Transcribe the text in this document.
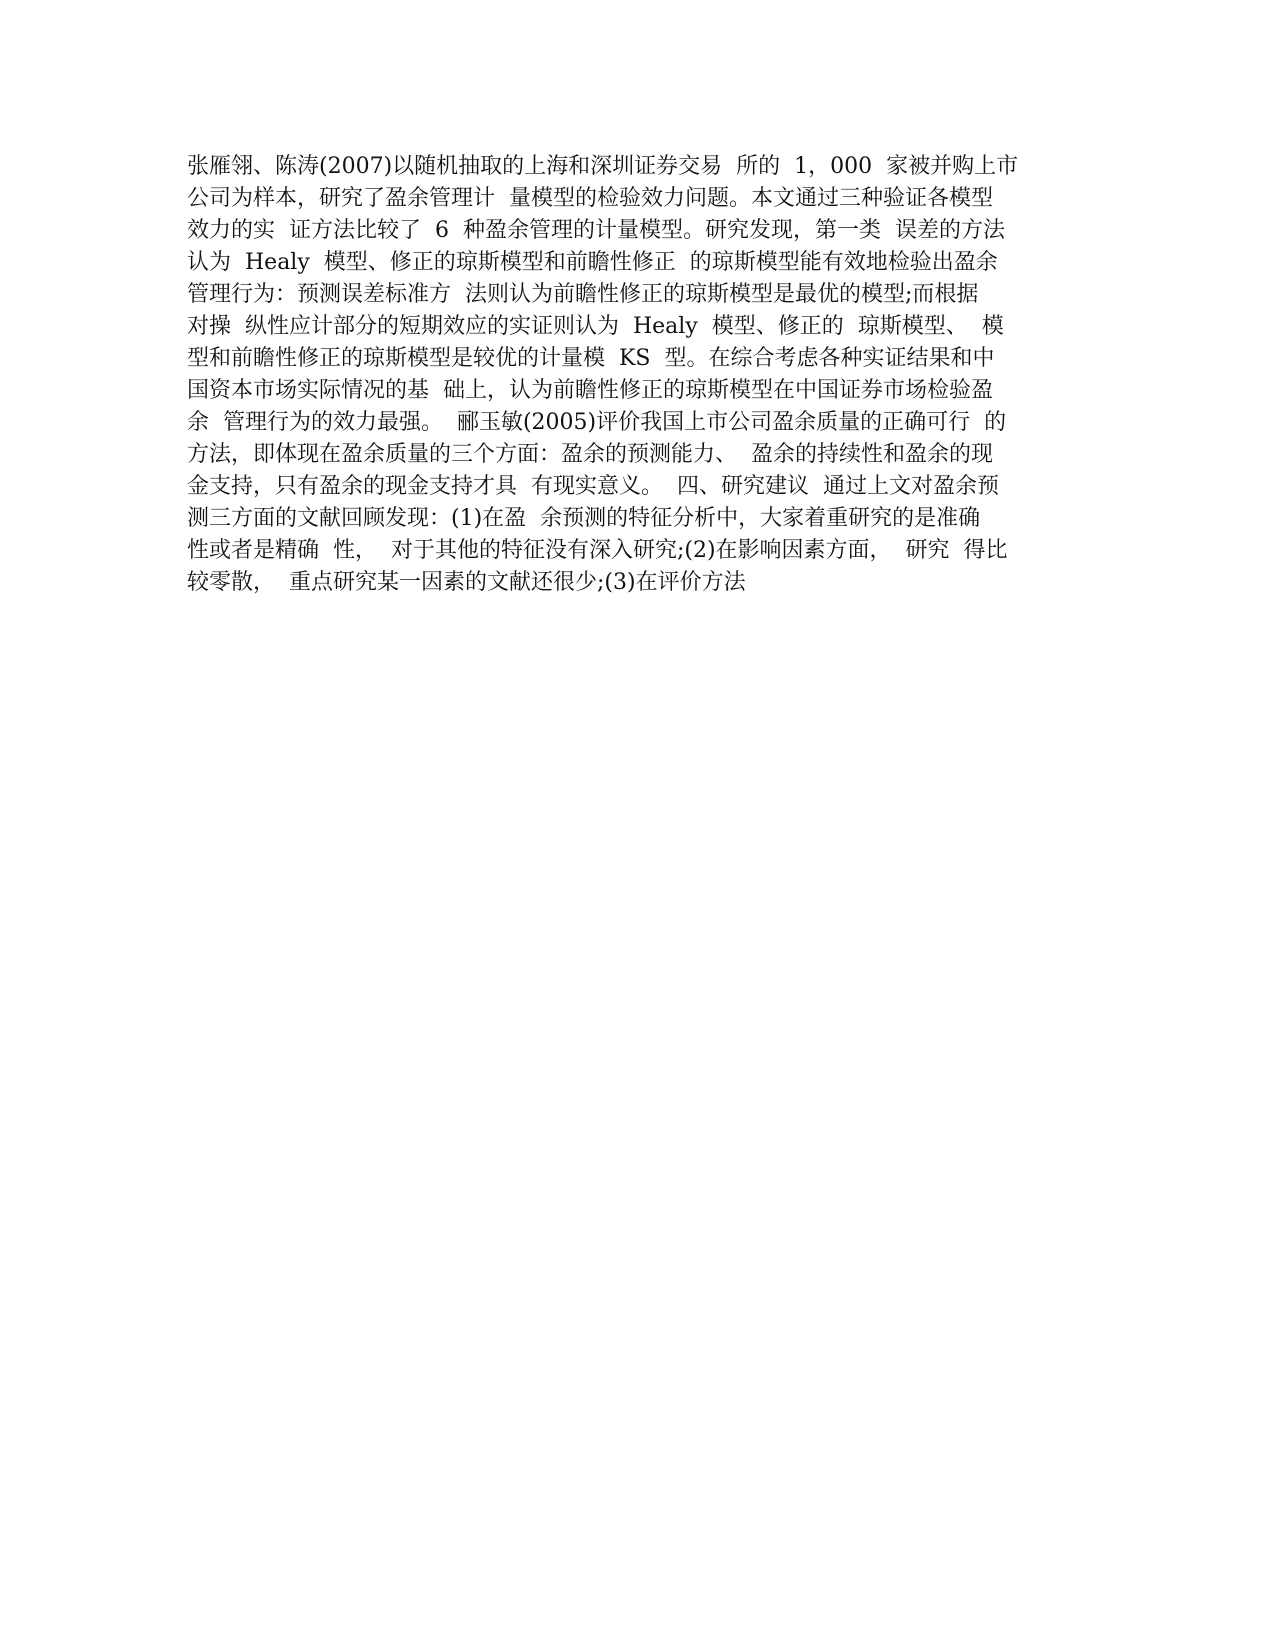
张雁翎、陈涛(2007)以随机抽取的上海和深圳证券交易  所的  1，000  家被并购上市
公司为样本，研究了盈余管理计  量模型的检验效力问题。本文通过三种验证各模型
效力的实  证方法比较了  6  种盈余管理的计量模型。研究发现，第一类  误差的方法
认为  Healy  模型、修正的琼斯模型和前瞻性修正  的琼斯模型能有效地检验出盈余
管理行为：预测误差标准方  法则认为前瞻性修正的琼斯模型是最优的模型;而根据
对操  纵性应计部分的短期效应的实证则认为  Healy  模型、修正的  琼斯模型、  模
型和前瞻性修正的琼斯模型是较优的计量模  KS  型。在综合考虑各种实证结果和中
国资本市场实际情况的基  础上，认为前瞻性修正的琼斯模型在中国证券市场检验盈
余  管理行为的效力最强。  郦玉敏(2005)评价我国上市公司盈余质量的正确可行  的
方法，即体现在盈余质量的三个方面：盈余的预测能力、  盈余的持续性和盈余的现
金支持，只有盈余的现金支持才具  有现实意义。  四、研究建议  通过上文对盈余预
测三方面的文献回顾发现：(1)在盈  余预测的特征分析中，大家着重研究的是准确
性或者是精确  性，  对于其他的特征没有深入研究;(2)在影响因素方面，  研究  得比
较零散，  重点研究某一因素的文献还很少;(3)在评价方法
